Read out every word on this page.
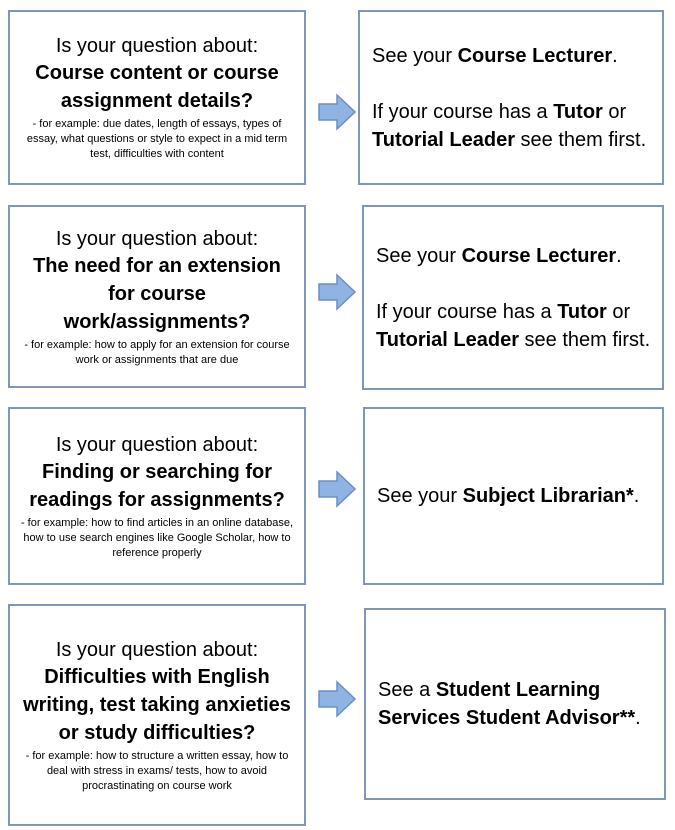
Is your question about:
Course content or course assignment details?
- for example: due dates, length of essays, types of essay, what questions or style to expect in a mid term test, difficulties with content

See your Course Lecturer.

If your course has a Tutor or Tutorial Leader see them first.

Is your question about:
The need for an extension for course work/assignments?
- for example: how to apply for an extension for course work or assignments that are due

See your Course Lecturer.

If your course has a Tutor or Tutorial Leader see them first.

Is your question about:
Finding or searching for readings for assignments?
- for example: how to find articles in an online database, how to use search engines like Google Scholar, how to reference properly

See your Subject Librarian*.

Is your question about:
Difficulties with English writing, test taking anxieties or study difficulties?
- for example: how to structure a written essay, how to deal with stress in exams/ tests, how to avoid procrastinating on course work

See a Student Learning Services Student Advisor**.
